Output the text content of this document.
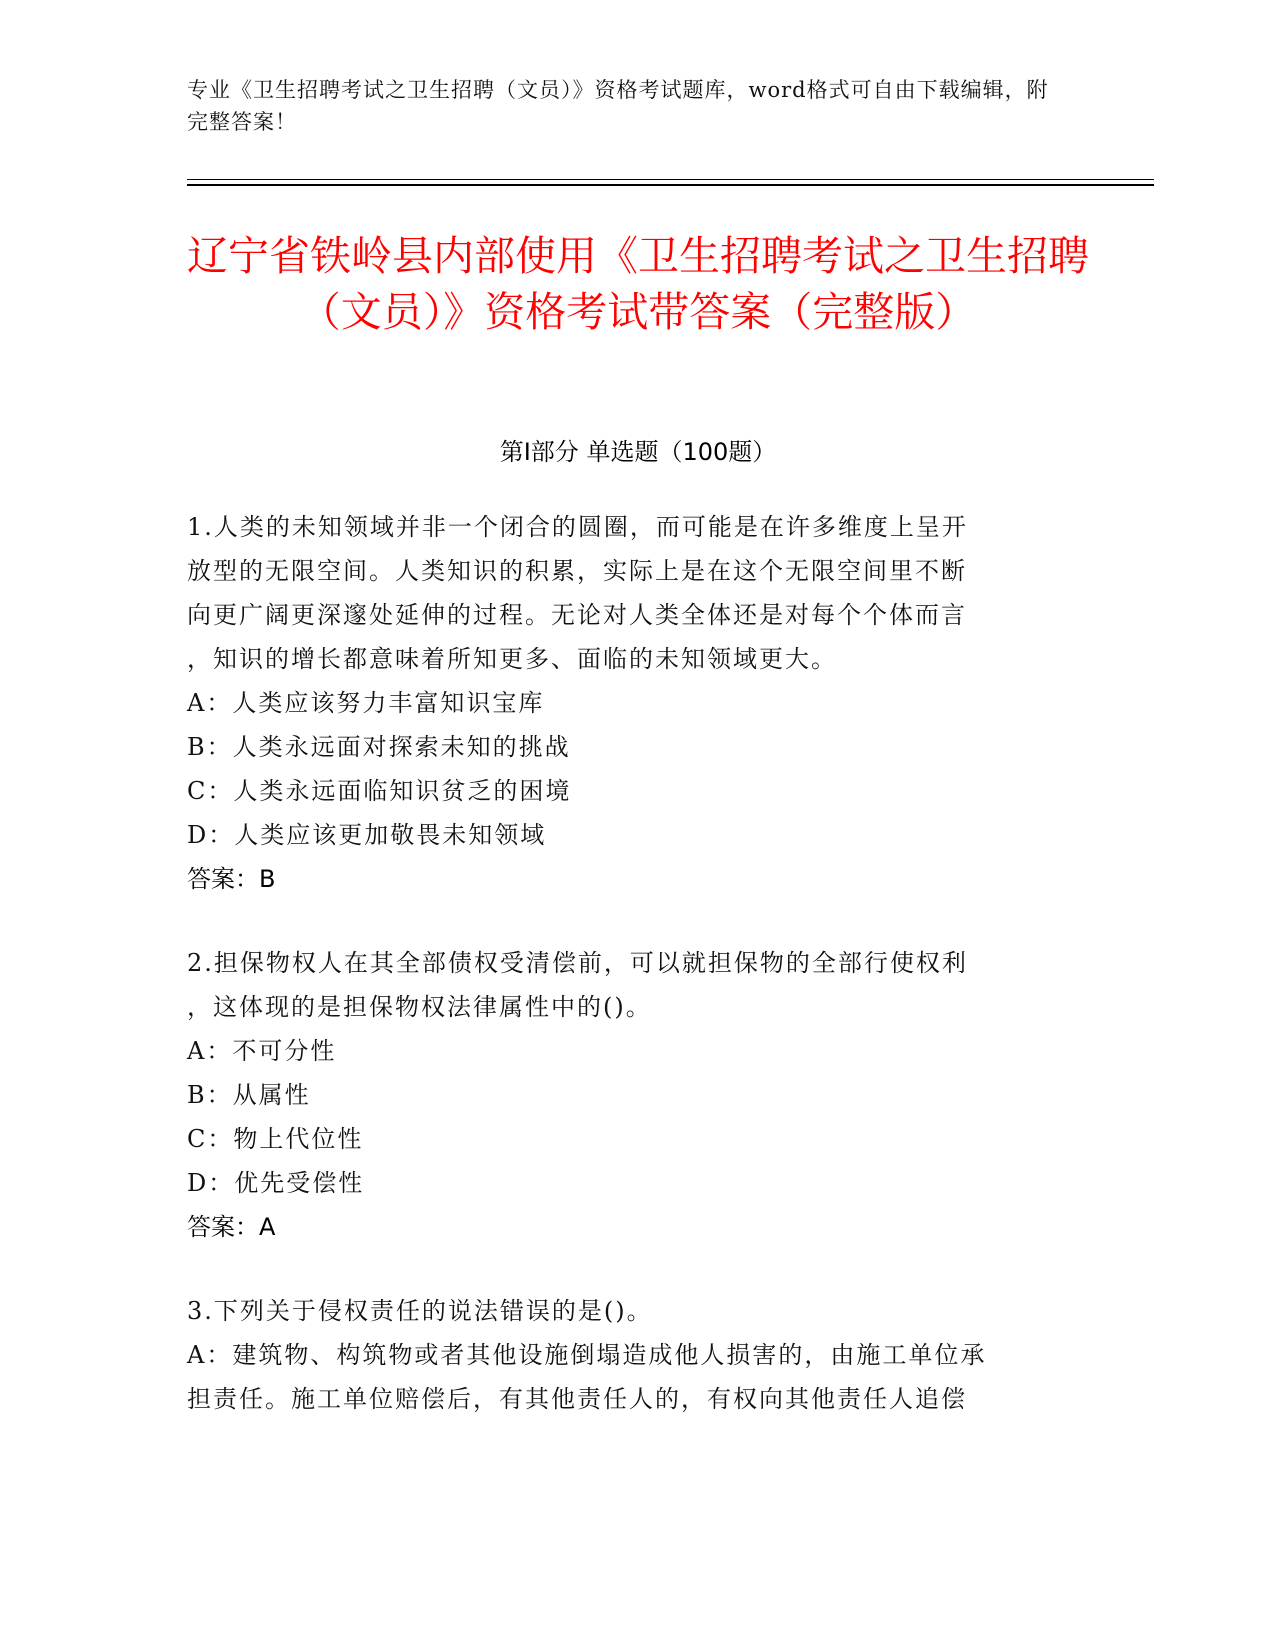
专业《卫生招聘考试之卫生招聘（文员）》资格考试题库，word格式可自由下载编辑，附完整答案！
辽宁省铁岭县内部使用《卫生招聘考试之卫生招聘（文员）》资格考试带答案（完整版）
第Ⅰ部分 单选题（100题）
1.人类的未知领域并非一个闭合的圆圈，而可能是在许多维度上呈开
放型的无限空间。人类知识的积累，实际上是在这个无限空间里不断
向更广阔更深邃处延伸的过程。无论对人类全体还是对每个个体而言
，知识的增长都意味着所知更多、面临的未知领域更大。
A：人类应该努力丰富知识宝库
B：人类永远面对探索未知的挑战
C：人类永远面临知识贫乏的困境
D：人类应该更加敬畏未知领域
答案：B
2.担保物权人在其全部债权受清偿前，可以就担保物的全部行使权利
，这体现的是担保物权法律属性中的()。
A：不可分性
B：从属性
C：物上代位性
D：优先受偿性
答案：A
3.下列关于侵权责任的说法错误的是()。
A：建筑物、构筑物或者其他设施倒塌造成他人损害的，由施工单位承
担责任。施工单位赔偿后，有其他责任人的，有权向其他责任人追偿
